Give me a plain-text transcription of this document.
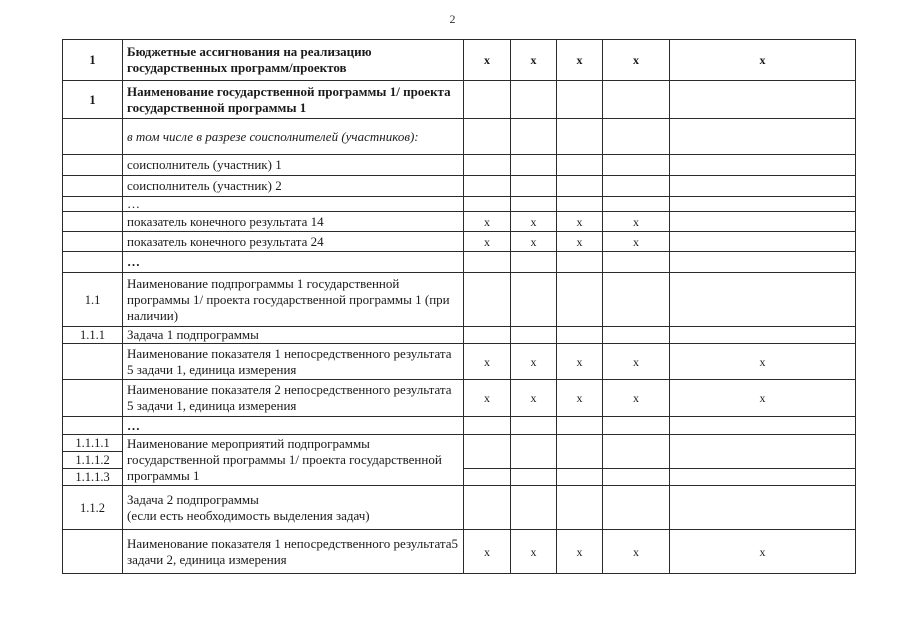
2
1	Бюджетные ассигнования на реализацию государственных программ/проектов	x	x	x	x	x
1	Наименование государственной программы 1/ проекта государственной программы 1					
	в том числе в разрезе соисполнителей (участников):					
	соисполнитель (участник) 1					
	соисполнитель (участник) 2					
	…					
	показатель конечного результата 14	x	x	x	x	
	показатель конечного результата 24	x	x	x	x	
	…					
1.1	Наименование подпрограммы 1 государственной программы 1/ проекта государственной программы 1 (при наличии)					
1.1.1	Задача 1 подпрограммы					
	Наименование показателя 1 непосредственного результата 5 задачи 1, единица измерения	x	x	x	x	x
	Наименование показателя 2 непосредственного результата 5 задачи 1, единица измерения	x	x	x	x	x
	…					
1.1.1.1	Наименование мероприятий подпрограммы государственной программы 1/ проекта государственной программы 1					
1.1.1.2						
1.1.1.3						
1.1.2	Задача 2 подпрограммы
(если есть необходимость выделения задач)					
	Наименование показателя 1 непосредственного результата5 задачи 2, единица измерения	x	x	x	x	x
